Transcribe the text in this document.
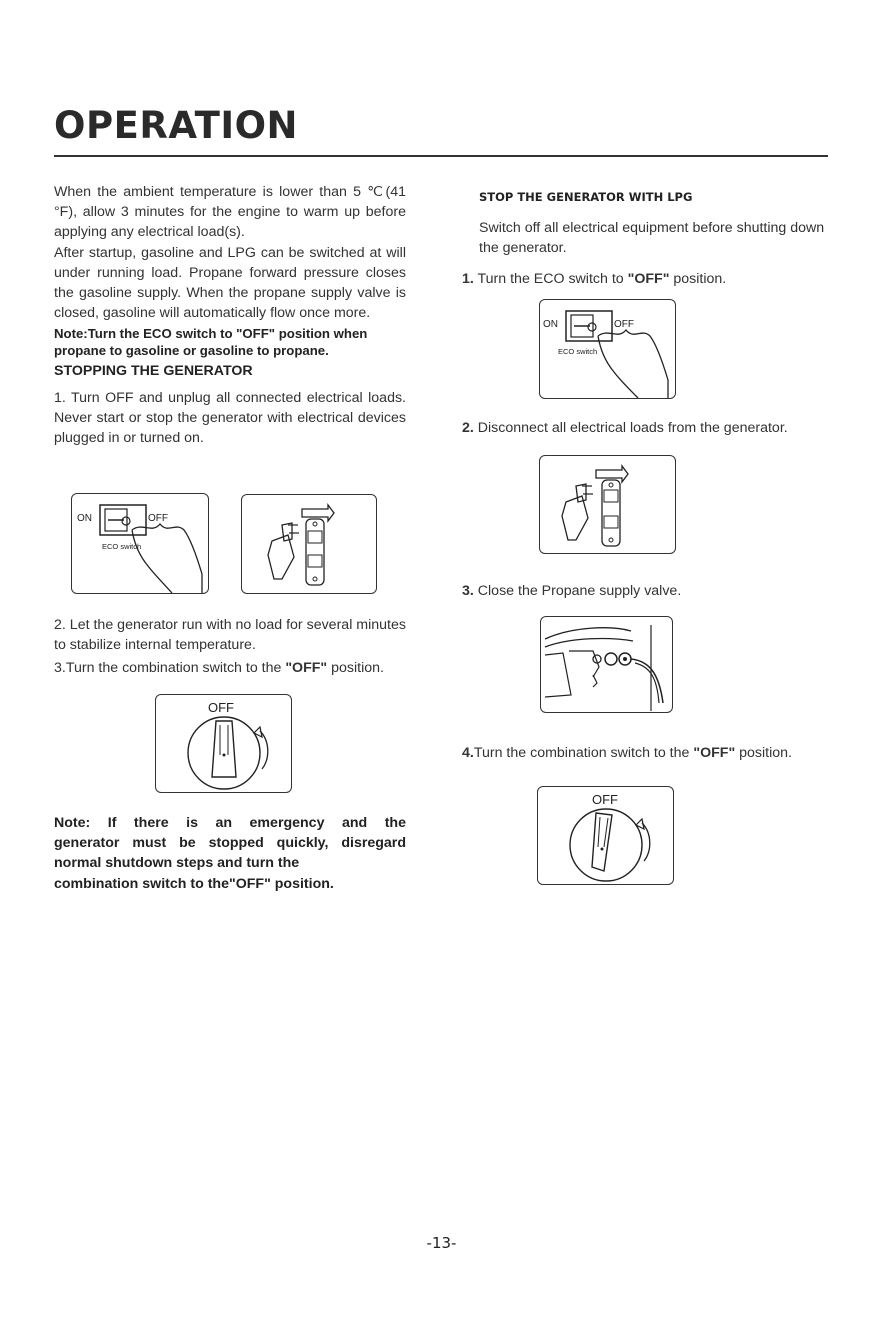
OPERATION

When the ambient temperature is lower than 5 ℃(41 °F), allow 3 minutes for the engine to warm up before applying any electrical load(s).

After startup, gasoline and LPG can be switched at will under running load. Propane forward pressure closes the gasoline supply. When the propane supply valve is closed, gasoline will automatically flow once more.

Note:Turn the ECO switch to "OFF" position when propane to gasoline or gasoline to propane.

STOPPING THE GENERATOR

1. Turn OFF and unplug all connected electrical loads. Never start or stop the generator with electrical devices plugged in or turned on.

ON	OFF
ECO switch

2. Let the generator run with no load for several minutes to stabilize internal temperature.

3.Turn the combination switch to the "OFF" position.

OFF
Note: If there is an emergency and the
generator must be stopped quickly, disregard
normal shutdown steps and turn the
combination switch to the"OFF" position.

STOP THE GENERATOR WITH LPG

Switch off all electrical equipment before shutting down the generator.

1. Turn the ECO switch to "OFF" position.

ON	OFF
ECO switch

2. Disconnect all electrical loads from the generator.

3. Close the Propane supply valve.

4.Turn the combination switch to the "OFF" position.

OFF
-13-
